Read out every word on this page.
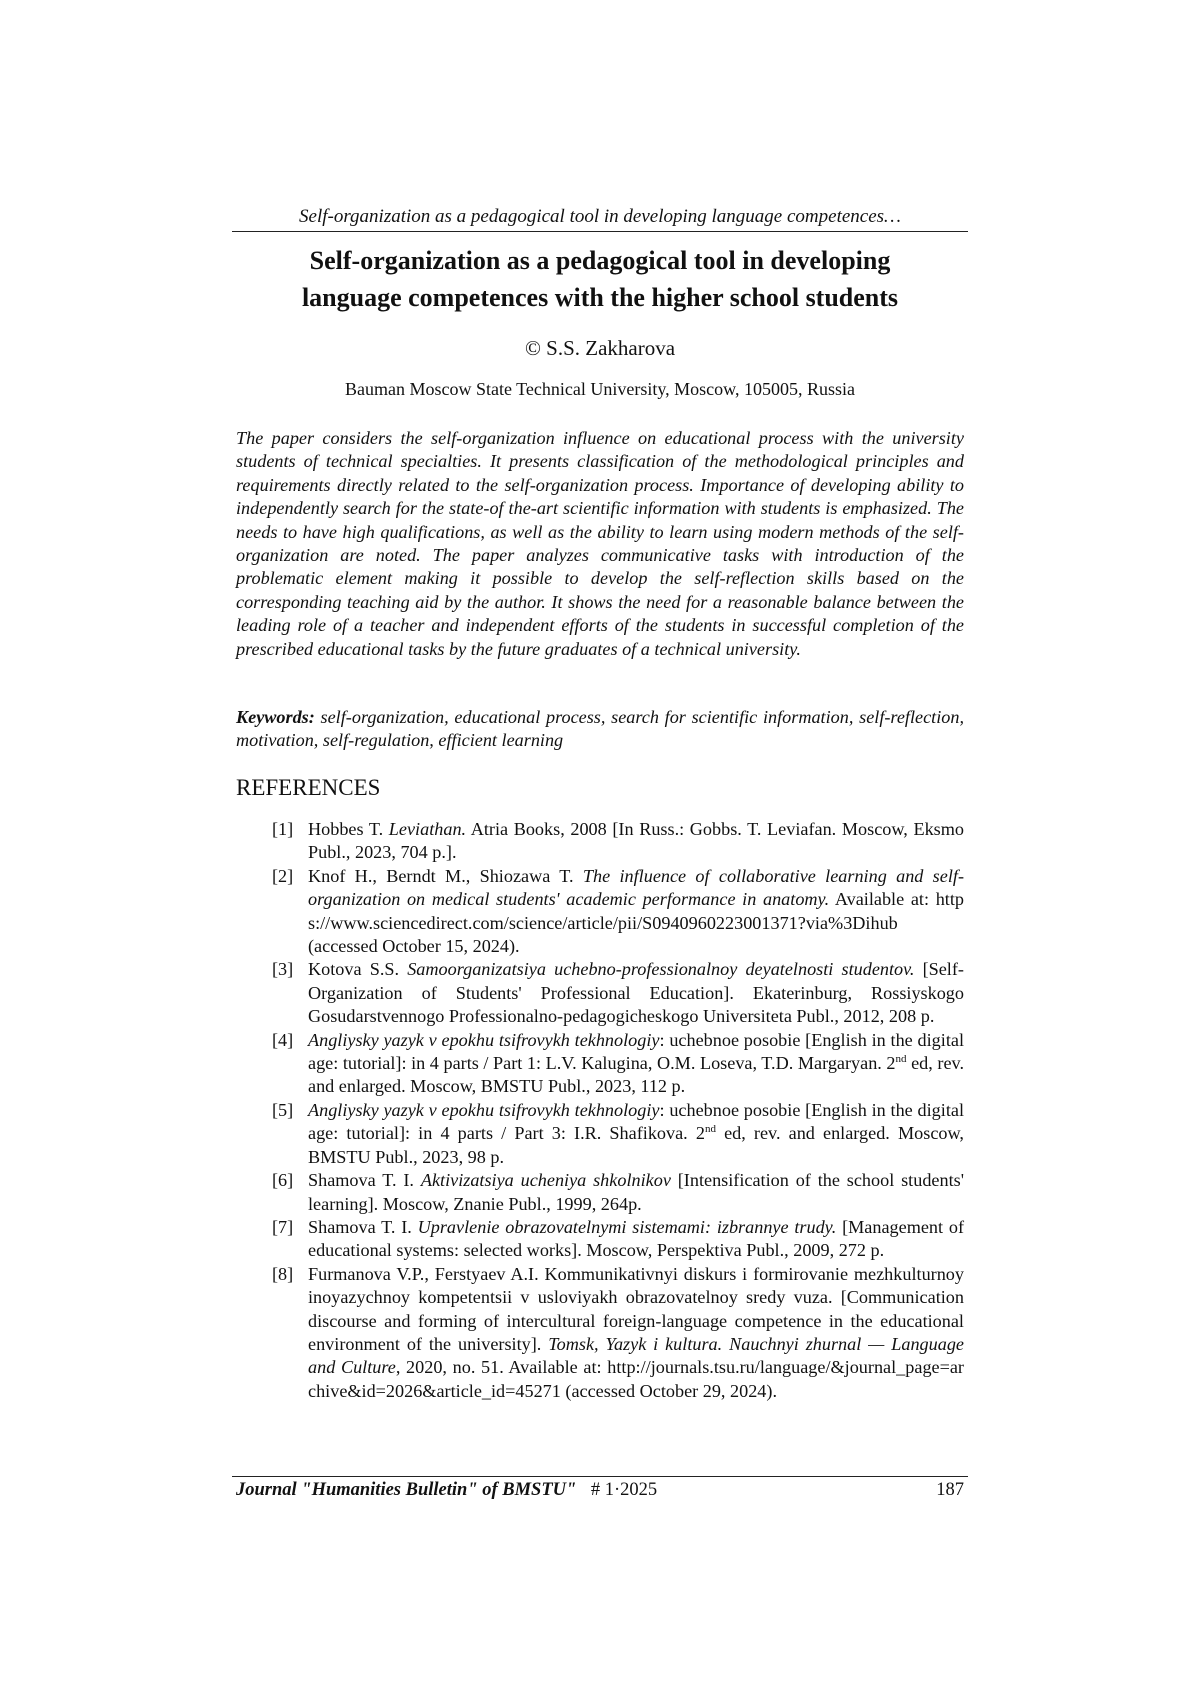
Self-organization as a pedagogical tool in developing language competences…
Self-organization as a pedagogical tool in developing
language competences with the higher school students
© S.S. Zakharova
Bauman Moscow State Technical University, Moscow, 105005, Russia

The paper considers the self-organization influence on educational process with the university students of technical specialties. It presents classification of the methodological principles and requirements directly related to the self-organization process. Importance of developing ability to independently search for the state-of the-art scientific information with students is emphasized. The needs to have high qualifications, as well as the ability to learn using modern methods of the self-organization are noted. The paper analyzes communicative tasks with introduction of the problematic element making it possible to develop the self-reflection skills based on the corresponding teaching aid by the author. It shows the need for a reasonable balance between the leading role of a teacher and independent efforts of the students in successful completion of the prescribed educational tasks by the future graduates of a technical university.

Keywords: self-organization, educational process, search for scientific information, self-reflection, motivation, self-regulation, efficient learning

REFERENCES
[1] Hobbes T. Leviathan. Atria Books, 2008 [In Russ.: Gobbs. T. Leviafan. Moscow, Eksmo Publ., 2023, 704 p.].
[2] Knof H., Berndt M., Shiozawa T. The influence of collaborative learning and self-organization on medical students' academic performance in anatomy. Available at: https://www.sciencedirect.com/science/article/pii/S0940960223001371?via%3Dihub (accessed October 15, 2024).
[3] Kotova S.S. Samoorganizatsiya uchebno-professionalnoy deyatelnosti studentov. [Self-Organization of Students' Professional Education]. Ekaterinburg, Rossiyskogo Gosudarstvennogo Professionalno-pedagogicheskogo Universiteta Publ., 2012, 208 p.
[4] Angliysky yazyk v epokhu tsifrovykh tekhnologiy: uchebnoe posobie [English in the digital age: tutorial]: in 4 parts / Part 1: L.V. Kalugina, O.M. Loseva, T.D. Margaryan. 2nd ed, rev. and enlarged. Moscow, BMSTU Publ., 2023, 112 p.
[5] Angliysky yazyk v epokhu tsifrovykh tekhnologiy: uchebnoe posobie [English in the digital age: tutorial]: in 4 parts / Part 3: I.R. Shafikova. 2nd ed, rev. and enlarged. Moscow, BMSTU Publ., 2023, 98 p.
[6] Shamova T. I. Aktivizatsiya ucheniya shkolnikov [Intensification of the school students' learning]. Moscow, Znanie Publ., 1999, 264p.
[7] Shamova T. I. Upravlenie obrazovatelnymi sistemami: izbrannye trudy. [Management of educational systems: selected works]. Moscow, Perspektiva Publ., 2009, 272 p.
[8] Furmanova V.P., Ferstyaev A.I. Kommunikativnyi diskurs i formirovanie mezhkulturnoy inoyazychnoy kompetentsii v usloviyakh obrazovatelnoy sredy vuza. [Communication discourse and forming of intercultural foreign-language competence in the educational environment of the university]. Tomsk, Yazyk i kultura. Nauchnyi zhurnal — Language and Culture, 2020, no. 51. Available at: http://journals.tsu.ru/language/&journal_page=archive&id=2026&article_id=45271 (accessed October 29, 2024).
Journal "Humanities Bulletin" of BMSTU" # 1·2025	187
